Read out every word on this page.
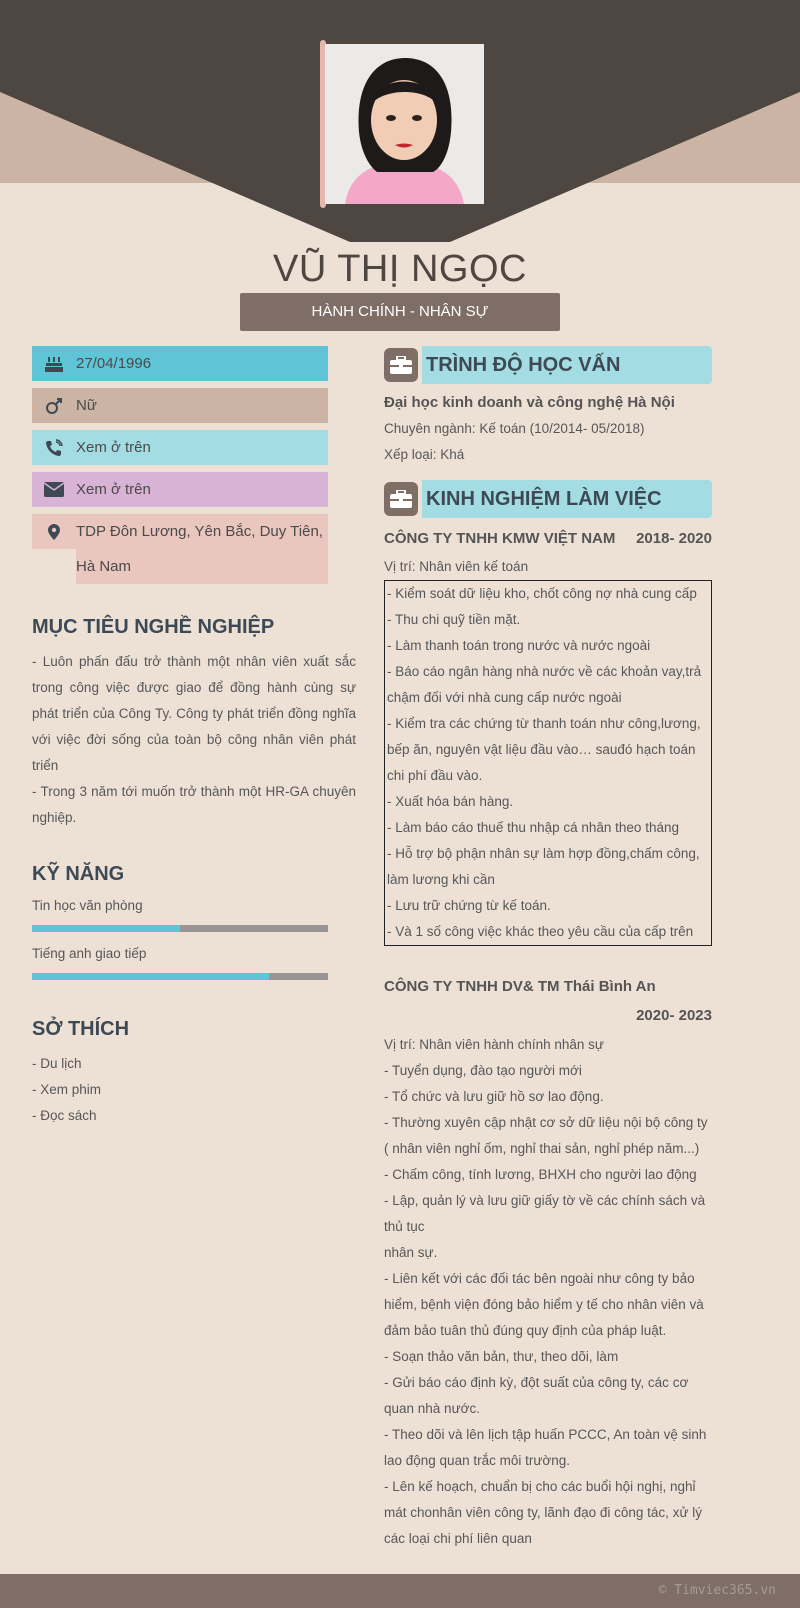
VŨ THỊ NGỌC
HÀNH CHÍNH - NHÂN SỰ
27/04/1996
Nữ
Xem ở trên
Xem ở trên
TDP Đôn Lương, Yên Bắc, Duy Tiên,
Hà Nam
MỤC TIÊU NGHỀ NGHIỆP

- Luôn phấn đấu trở thành một nhân viên xuất sắc trong công việc được giao để đồng hành cùng sự phát triển của Công Ty. Công ty phát triển đồng nghĩa với việc đời sống của toàn bộ công nhân viên phát triển

- Trong 3 năm tới muốn trở thành một HR-GA chuyên nghiệp.

KỸ NĂNG
Tin học văn phòng
Tiếng anh giao tiếp
SỞ THÍCH
- Du lịch
- Xem phim
- Đọc sách
TRÌNH ĐỘ HỌC VẤN
Đại học kinh doanh và công nghệ Hà Nội
Chuyên ngành: Kế toán (10/2014- 05/2018)
Xếp loại: Khá
KINH NGHIỆM LÀM VIỆC
CÔNG TY TNHH KMW VIỆT NAM 2018- 2020
Vị trí: Nhân viên kế toán
- Kiểm soát dữ liệu kho, chốt công nợ nhà cung cấp
- Thu chi quỹ tiền mặt.
- Làm thanh toán trong nước và nước ngoài
- Báo cáo ngân hàng nhà nước về các khoản vay,trả chậm đối với nhà cung cấp nước ngoài
- Kiểm tra các chứng từ thanh toán như công,lương, bếp ăn, nguyên vật liệu đầu vào… sauđó hạch toán chi phí đầu vào.
- Xuất hóa bán hàng.
- Làm báo cáo thuế thu nhập cá nhân theo tháng
- Hỗ trợ bộ phận nhân sự làm hợp đồng,chấm công, làm lương khi cần
- Lưu trữ chứng từ kế toán.
- Và 1 số công việc khác theo yêu cầu của cấp trên
CÔNG TY TNHH DV& TM Thái Bình An
2020- 2023
Vị trí: Nhân viên hành chính nhân sự
- Tuyển dụng, đào tạo người mới
- Tổ chức và lưu giữ hồ sơ lao động.
- Thường xuyên cập nhật cơ sở dữ liệu nội bộ công ty ( nhân viên nghỉ ốm, nghỉ thai sản, nghỉ phép năm...)
- Chấm công, tính lương, BHXH cho người lao động
- Lập, quản lý và lưu giữ giấy tờ về các chính sách và thủ tục
nhân sự.
- Liên kết với các đối tác bên ngoài như công ty bảo hiểm, bệnh viện đóng bảo hiểm y tế cho nhân viên và đảm bảo tuân thủ đúng quy định của pháp luật.
- Soạn thảo văn bản, thư, theo dõi, làm
- Gửi báo cáo định kỳ, đột suất của công ty, các cơ quan nhà nước.
- Theo dõi và lên lịch tập huấn PCCC, An toàn vệ sinh lao động quan trắc môi trường.
- Lên kế hoạch, chuẩn bị cho các buổi hội nghị, nghỉ mát chonhân viên công ty, lãnh đạo đi công tác, xử lý các loại chi phí liên quan
© Timviec365.vn
